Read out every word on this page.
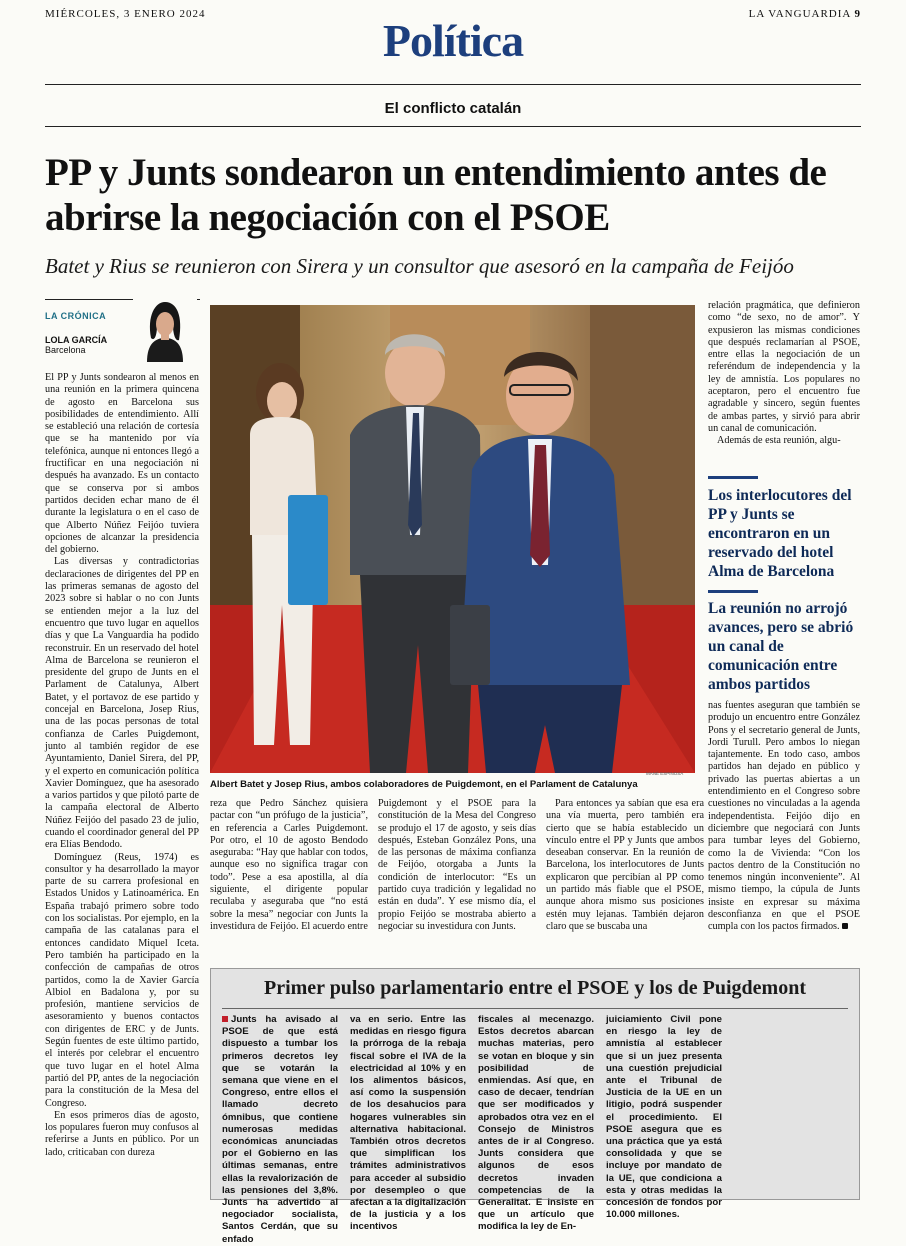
MIÉRCOLES, 3 ENERO 2024	LA VANGUARDIA 9
Política
El conflicto catalán
PP y Junts sondearon un entendimiento antes de abrirse la negociación con el PSOE
Batet y Rius se reunieron con Sirera y un consultor que asesoró en la campaña de Feijóo
LA CRÓNICA
LOLA GARCÍA
Barcelona

El PP y Junts sondearon al menos en una reunión en la primera quincena de agosto en Barcelona sus posibilidades de entendimiento. Allí se estableció una relación de cortesía que se ha mantenido por vía telefónica, aunque ni entonces llegó a fructificar en una negociación ni después ha avanzado. Es un contacto que se conserva por si ambos partidos deciden echar mano de él durante la legislatura o en el caso de que Alberto Núñez Feijóo tuviera opciones de alcanzar la presidencia del gobierno.

Las diversas y contradictorias declaraciones de dirigentes del PP en las primeras semanas de agosto del 2023 sobre si hablar o no con Junts se entienden mejor a la luz del encuentro que tuvo lugar en aquellos días y que La Vanguardia ha podido reconstruir. En un reservado del hotel Alma de Barcelona se reunieron el presidente del grupo de Junts en el Parlament de Catalunya, Albert Batet, y el portavoz de ese partido y concejal en Barcelona, Josep Rius, una de las pocas personas de total confianza de Carles Puigdemont, junto al también regidor de ese Ayuntamiento, Daniel Sirera, del PP, y el experto en comunicación política Xavier Domínguez, que ha asesorado a varios partidos y que pilotó parte de la campaña electoral de Alberto Núñez Feijóo del pasado 23 de julio, cuando el coordinador general del PP era Elías Bendodo.

Domínguez (Reus, 1974) es consultor y ha desarrollado la mayor parte de su carrera profesional en Estados Unidos y Latinoamérica. En España trabajó primero sobre todo con los socialistas. Por ejemplo, en la campaña de las catalanas para el entonces candidato Miquel Iceta. Pero también ha participado en la confección de campañas de otros partidos, como la de Xavier García Albiol en Badalona y, por su profesión, mantiene servicios de asesoramiento y buenos contactos con dirigentes de ERC y de Junts. Según fuentes de este último partido, el interés por celebrar el encuentro que tuvo lugar en el hotel Alma partió del PP, antes de la negociación para la constitución de la Mesa del Congreso.

En esos primeros días de agosto, los populares fueron muy confusos al referirse a Junts en público. Por un lado, criticaban con dureza

MANÉ ESPINOSA
Albert Batet y Josep Rius, ambos colaboradores de Puigdemont, en el Parlament de Catalunya

reza que Pedro Sánchez quisiera pactar con “un prófugo de la justicia”, en referencia a Carles Puigdemont. Por otro, el 10 de agosto Bendodo aseguraba: “Hay que hablar con todos, aunque eso no significa tragar con todo”. Pese a esa apostilla, al día siguiente, el dirigente popular reculaba y aseguraba que “no está sobre la mesa” negociar con Junts la investidura de Feijóo. El acuerdo entre

Puigdemont y el PSOE para la constitución de la Mesa del Congreso se produjo el 17 de agosto, y seis días después, Esteban González Pons, una de las personas de máxima confianza de Feijóo, otorgaba a Junts la condición de interlocutor: “Es un partido cuya tradición y legalidad no están en duda”. Y ese mismo día, el propio Feijóo se mostraba abierto a negociar su investidura con Junts.

Para entonces ya sabían que esa era una vía muerta, pero también era cierto que se había establecido un vínculo entre el PP y Junts que ambos deseaban conservar. En la reunión de Barcelona, los interlocutores de Junts explicaron que percibían al PP como un partido más fiable que el PSOE, aunque ahora mismo sus posiciones estén muy lejanas. También dejaron claro que se buscaba una

relación pragmática, que definieron como “de sexo, no de amor”. Y expusieron las mismas condiciones que después reclamarían al PSOE, entre ellas la negociación de un referéndum de independencia y la ley de amnistía. Los populares no aceptaron, pero el encuentro fue agradable y sincero, según fuentes de ambas partes, y sirvió para abrir un canal de comunicación.

Además de esta reunión, algu-

Los interlocutores del PP y Junts se encontraron en un reservado del hotel Alma de Barcelona
La reunión no arrojó avances, pero se abrió un canal de comunicación entre ambos partidos

nas fuentes aseguran que también se produjo un encuentro entre González Pons y el secretario general de Junts, Jordi Turull. Pero ambos lo niegan tajantemente. En todo caso, ambos partidos han dejado en público y privado las puertas abiertas a un entendimiento en el Congreso sobre cuestiones no vinculadas a la agenda independentista. Feijóo dijo en diciembre que negociará con Junts para tumbar leyes del Gobierno, como la de Vivienda: “Con los pactos dentro de la Constitución no tenemos ningún inconveniente”. Al mismo tiempo, la cúpula de Junts insiste en expresar su máxima desconfianza en que el PSOE cumpla con los pactos firmados.

Primer pulso parlamentario entre el PSOE y los de Puigdemont
Junts ha avisado al PSOE de que está dispuesto a tumbar los primeros decretos ley que se votarán la semana que viene en el Congreso, entre ellos el llamado decreto ómnibus, que contiene numerosas medidas económicas anunciadas por el Gobierno en las últimas semanas, entre ellas la revalorización de las pensiones del 3,8%. Junts ha advertido al negociador socialista, Santos Cerdán, que su enfado
va en serio. Entre las medidas en riesgo figura la prórroga de la rebaja fiscal sobre el IVA de la electricidad al 10% y en los alimentos básicos, así como la suspensión de los desahucios para hogares vulnerables sin alternativa habitacional. También otros decretos que simplifican los trámites administrativos para acceder al subsidio por desempleo o que afectan a la digitalización de la justicia y a los incentivos
fiscales al mecenazgo. Estos decretos abarcan muchas materias, pero se votan en bloque y sin posibilidad de enmiendas. Así que, en caso de decaer, tendrían que ser modificados y aprobados otra vez en el Consejo de Ministros antes de ir al Congreso. Junts considera que algunos de esos decretos invaden competencias de la Generalitat. E insiste en que un artículo que modifica la ley de En-
juiciamiento Civil pone en riesgo la ley de amnistía al establecer que si un juez presenta una cuestión prejudicial ante el Tribunal de Justicia de la UE en un litigio, podrá suspender el procedimiento. El PSOE asegura que es una práctica que ya está consolidada y que se incluye por mandato de la UE, que condiciona a esta y otras medidas la concesión de fondos por 10.000 millones.
